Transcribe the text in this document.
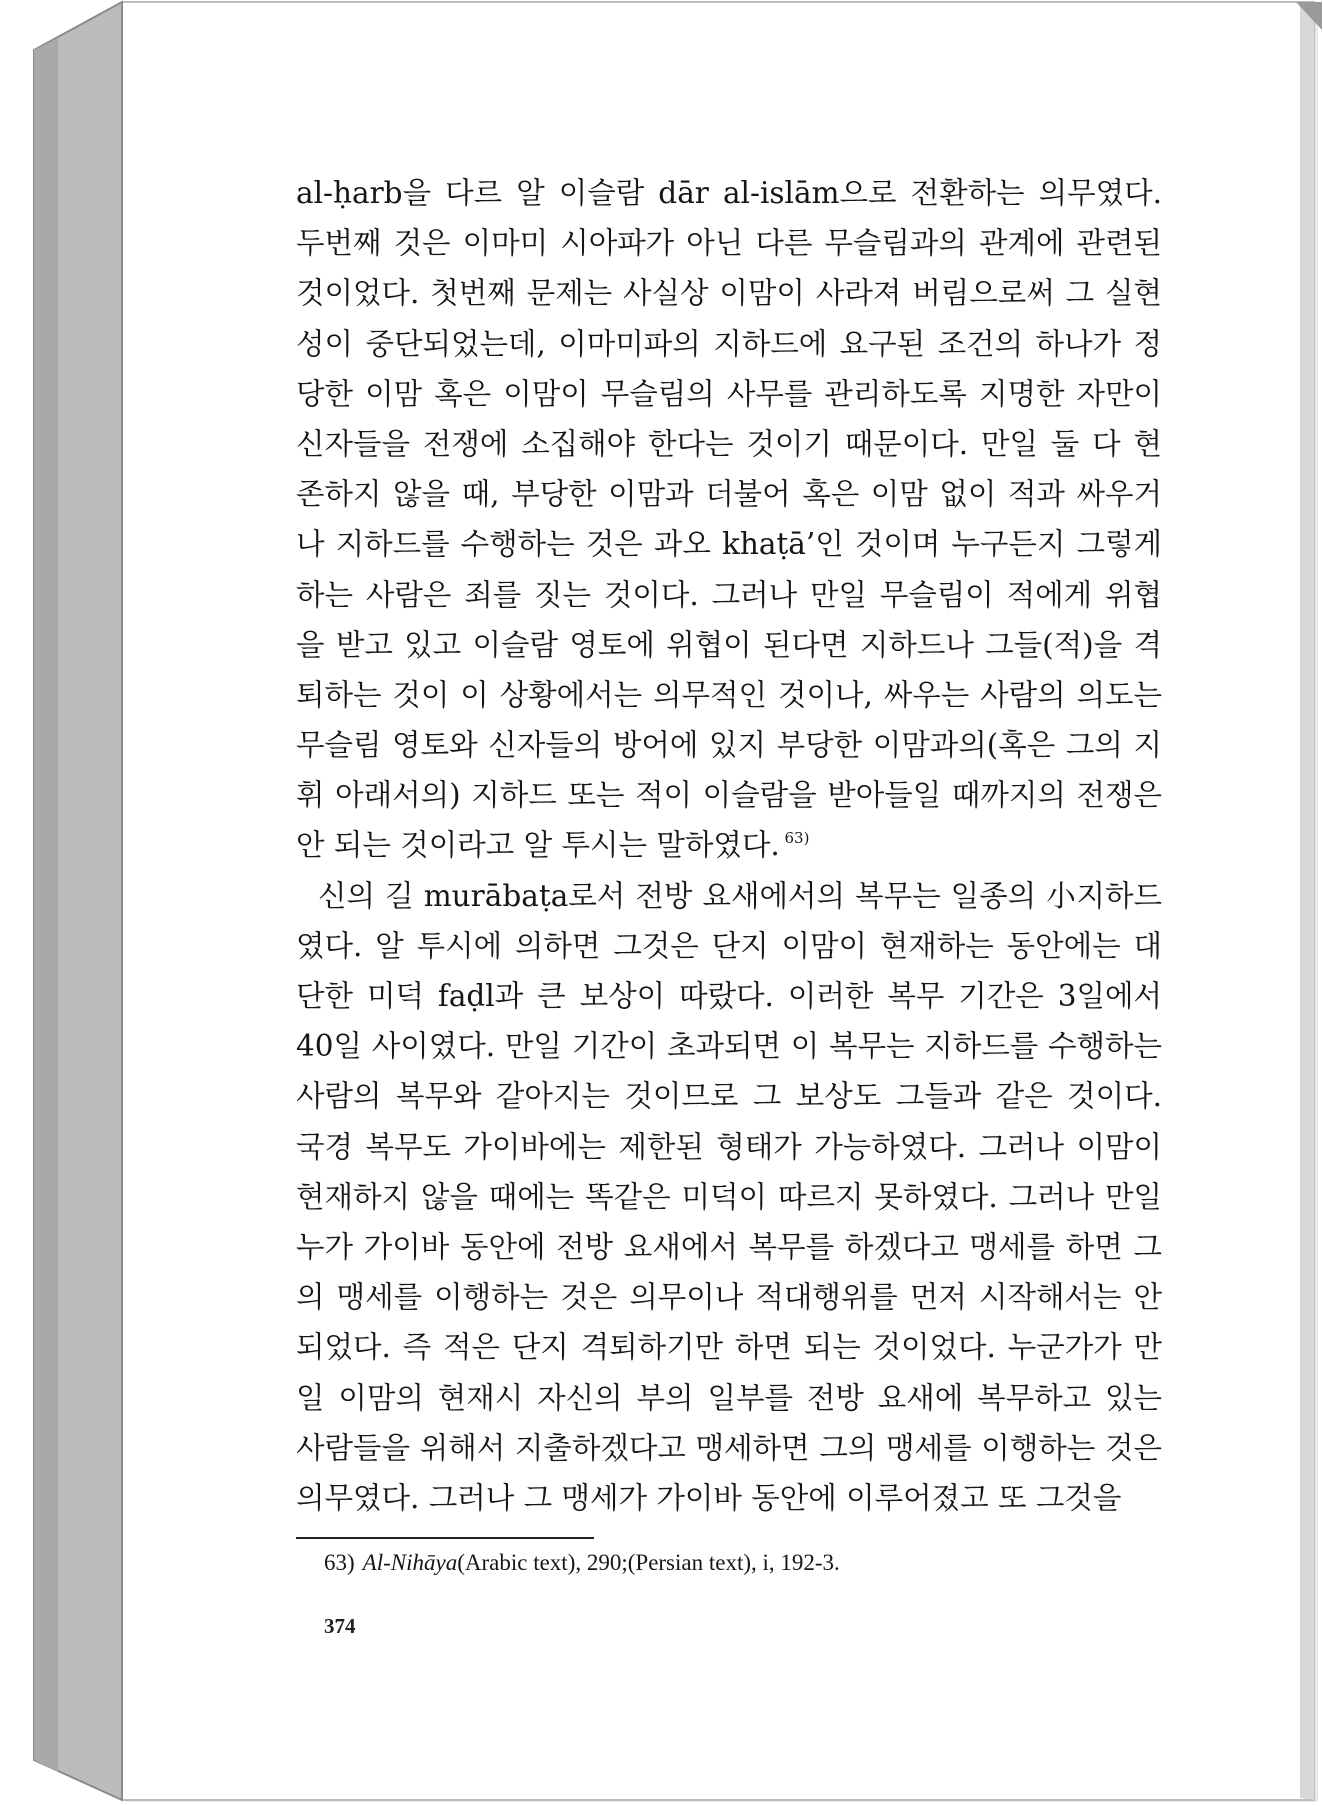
al-ḥarb을 다르 알 이슬람 dār al-islām으로 전환하는 의무였다.
두번째 것은 이마미 시아파가 아닌 다른 무슬림과의 관계에 관련된
것이었다. 첫번째 문제는 사실상 이맘이 사라져 버림으로써 그 실현
성이 중단되었는데, 이마미파의 지하드에 요구된 조건의 하나가 정
당한 이맘 혹은 이맘이 무슬림의 사무를 관리하도록 지명한 자만이
신자들을 전쟁에 소집해야 한다는 것이기 때문이다. 만일 둘 다 현
존하지 않을 때, 부당한 이맘과 더불어 혹은 이맘 없이 적과 싸우거
나 지하드를 수행하는 것은 과오 khaṭā’인 것이며 누구든지 그렇게
하는 사람은 죄를 짓는 것이다. 그러나 만일 무슬림이 적에게 위협
을 받고 있고 이슬람 영토에 위협이 된다면 지하드나 그들(적)을 격
퇴하는 것이 이 상황에서는 의무적인 것이나, 싸우는 사람의 의도는
무슬림 영토와 신자들의 방어에 있지 부당한 이맘과의(혹은 그의 지
휘 아래서의) 지하드 또는 적이 이슬람을 받아들일 때까지의 전쟁은
안 되는 것이라고 알 투시는 말하였다. $^{63)}$
신의 길 murābaṭa로서 전방 요새에서의 복무는 일종의 小지하드
였다. 알 투시에 의하면 그것은 단지 이맘이 현재하는 동안에는 대
단한 미덕 faḍl과 큰 보상이 따랐다. 이러한 복무 기간은 3일에서
40일 사이였다. 만일 기간이 초과되면 이 복무는 지하드를 수행하는
사람의 복무와 같아지는 것이므로 그 보상도 그들과 같은 것이다.
국경 복무도 가이바에는 제한된 형태가 가능하였다. 그러나 이맘이
현재하지 않을 때에는 똑같은 미덕이 따르지 못하였다. 그러나 만일
누가 가이바 동안에 전방 요새에서 복무를 하겠다고 맹세를 하면 그
의 맹세를 이행하는 것은 의무이나 적대행위를 먼저 시작해서는 안
되었다. 즉 적은 단지 격퇴하기만 하면 되는 것이었다. 누군가가 만
일 이맘의 현재시 자신의 부의 일부를 전방 요새에 복무하고 있는
사람들을 위해서 지출하겠다고 맹세하면 그의 맹세를 이행하는 것은
의무였다. 그러나 그 맹세가 가이바 동안에 이루어졌고 또 그것을
63) Al-Nihāya(Arabic text), 290;(Persian text), i, 192-3.
374
